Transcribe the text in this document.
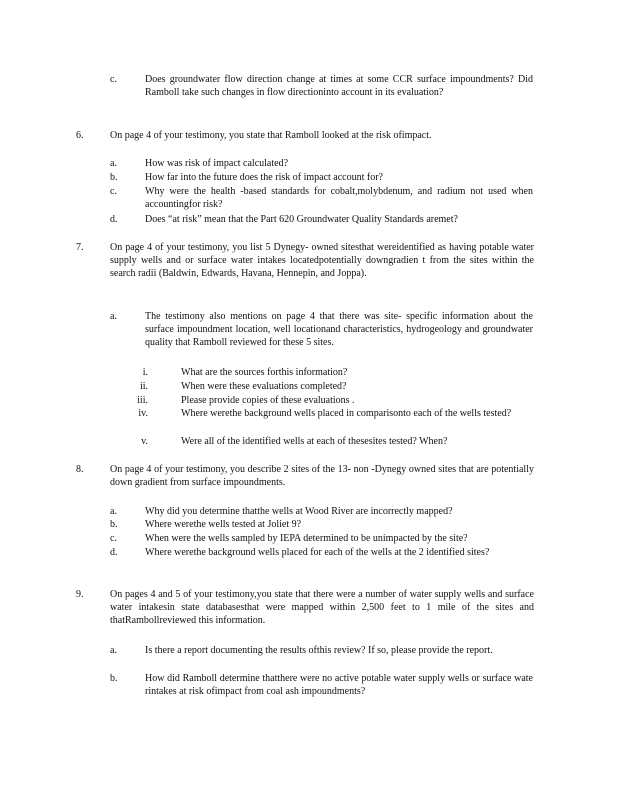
c.	Does groundwater flow direction change at times at some CCR surface impoundments? Did Ramboll take such changes in flow directioninto account in its evaluation?
6.	On page 4 of your testimony, you state that Ramboll looked at the risk ofimpact.
a.	How was risk of impact calculated?
b.	How far into the future does the risk of impact account for?
c.	Why were the health -based standards for cobalt,molybdenum, and radium not used when accountingfor risk?
d.	Does “at risk” mean that the Part 620 Groundwater Quality Standards aremet?
7.	On page 4 of your testimony, you list 5 Dynegy- owned sitesthat wereidentified as having potable water supply wells and or surface water intakes locatedpotentially downgradien t from the sites within the search radii (Baldwin, Edwards, Havana, Hennepin, and Joppa).
a.	The testimony also mentions on page 4 that there was site- specific information about the surface impoundment location, well locationand characteristics, hydrogeology and groundwater quality that Ramboll reviewed for these 5 sites.
i.	What are the sources forthis information?
ii.	When were these evaluations completed?
iii.	Please provide copies of these evaluations .
iv.	Where werethe background wells placed in comparisonto each of the wells tested?
v.	Were all of the identified wells at each of thesesites tested? When?
8.	On page 4 of your testimony, you describe 2 sites of the 13- non -Dynegy owned sites that are potentially down gradient from surface impoundments.
a.	Why did you determine thatthe wells at Wood River are incorrectly mapped?
b.	Where werethe wells tested at Joliet 9?
c.	When were the wells sampled by IEPA determined to be unimpacted by the site?
d.	Where werethe background wells placed for each of the wells at the 2 identified sites?
9.	On pages 4 and 5 of your testimony,you state that there were a number of water supply wells and surface water intakesin state databasesthat were mapped within 2,500 feet to 1 mile of the sites and thatRambollreviewed this information.
a.	Is there a report documenting the results ofthis review? If so, please provide the report.
b.	How did Ramboll determine thatthere were no active potable water supply wells or surface wate rintakes at risk ofimpact from coal ash impoundments?
